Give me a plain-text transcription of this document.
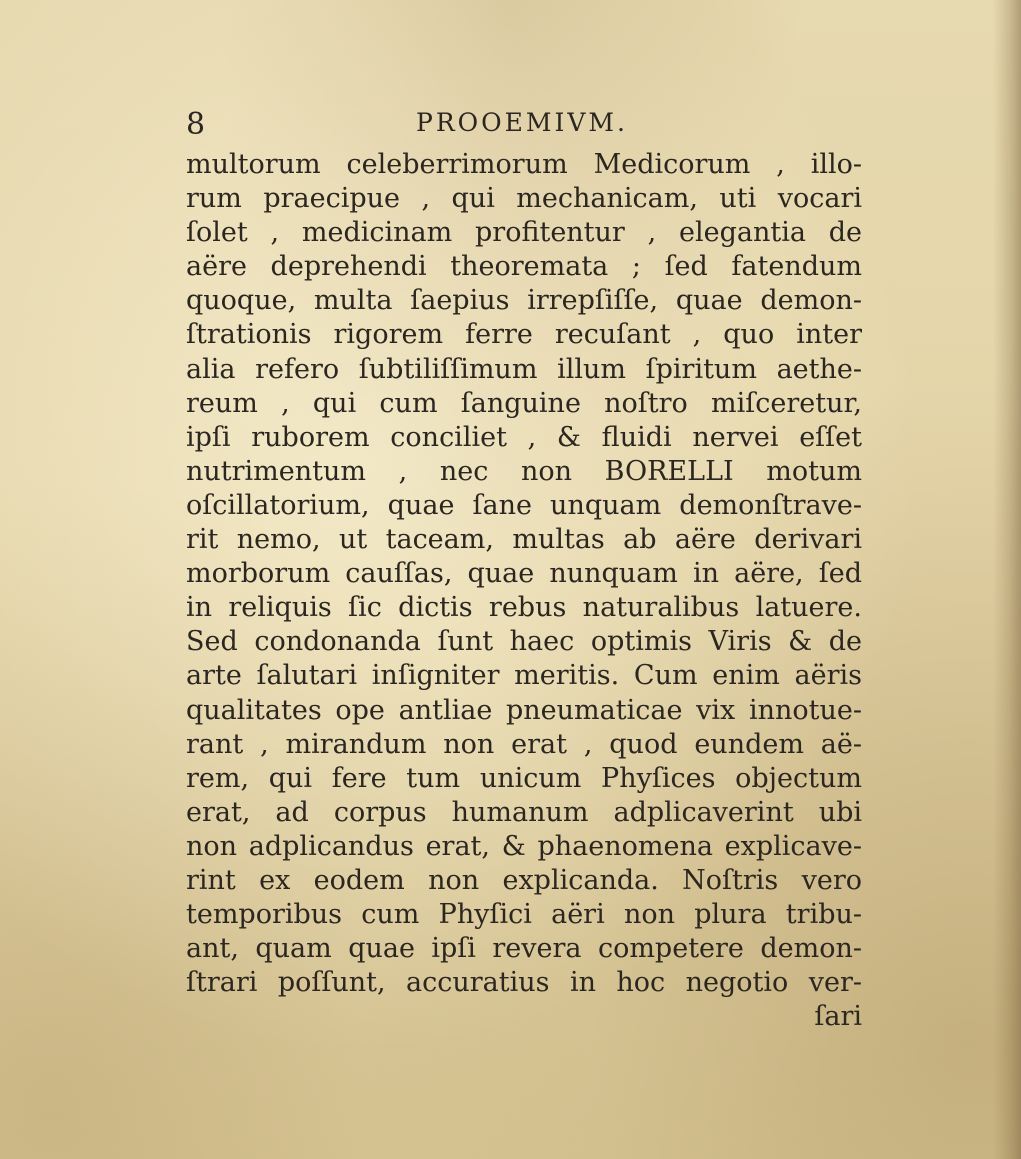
8	PROOEMIVM.
multorum celeberrimorum Medicorum , illo-
rum praecipue , qui mechanicam, uti vocari
ſolet , medicinam profitentur , elegantia de
aëre deprehendi theoremata ; ſed fatendum
quoque, multa ſaepius irrepſiſſe, quae demon-
ſtrationis rigorem ferre recuſant , quo inter
alia refero ſubtiliſſimum illum ſpiritum aethe-
reum , qui cum ſanguine noſtro miſceretur,
ipſi ruborem conciliet , & fluidi nervei eſſet
nutrimentum , nec non BORELLI motum
oſcillatorium, quae ſane unquam demonſtrave-
rit nemo, ut taceam, multas ab aëre derivari
morborum cauſſas, quae nunquam in aëre, ſed
in reliquis ſic dictis rebus naturalibus latuere.
Sed condonanda ſunt haec optimis Viris & de
arte ſalutari inſigniter meritis. Cum enim aëris
qualitates ope antliae pneumaticae vix innotue-
rant , mirandum non erat , quod eundem aë-
rem, qui fere tum unicum Phyſices objectum
erat, ad corpus humanum adplicaverint ubi
non adplicandus erat, & phaenomena explicave-
rint ex eodem non explicanda. Noſtris vero
temporibus cum Phyſici aëri non plura tribu-
ant, quam quae ipſi revera competere demon-
ſtrari poſſunt, accuratius in hoc negotio ver-
ſari
